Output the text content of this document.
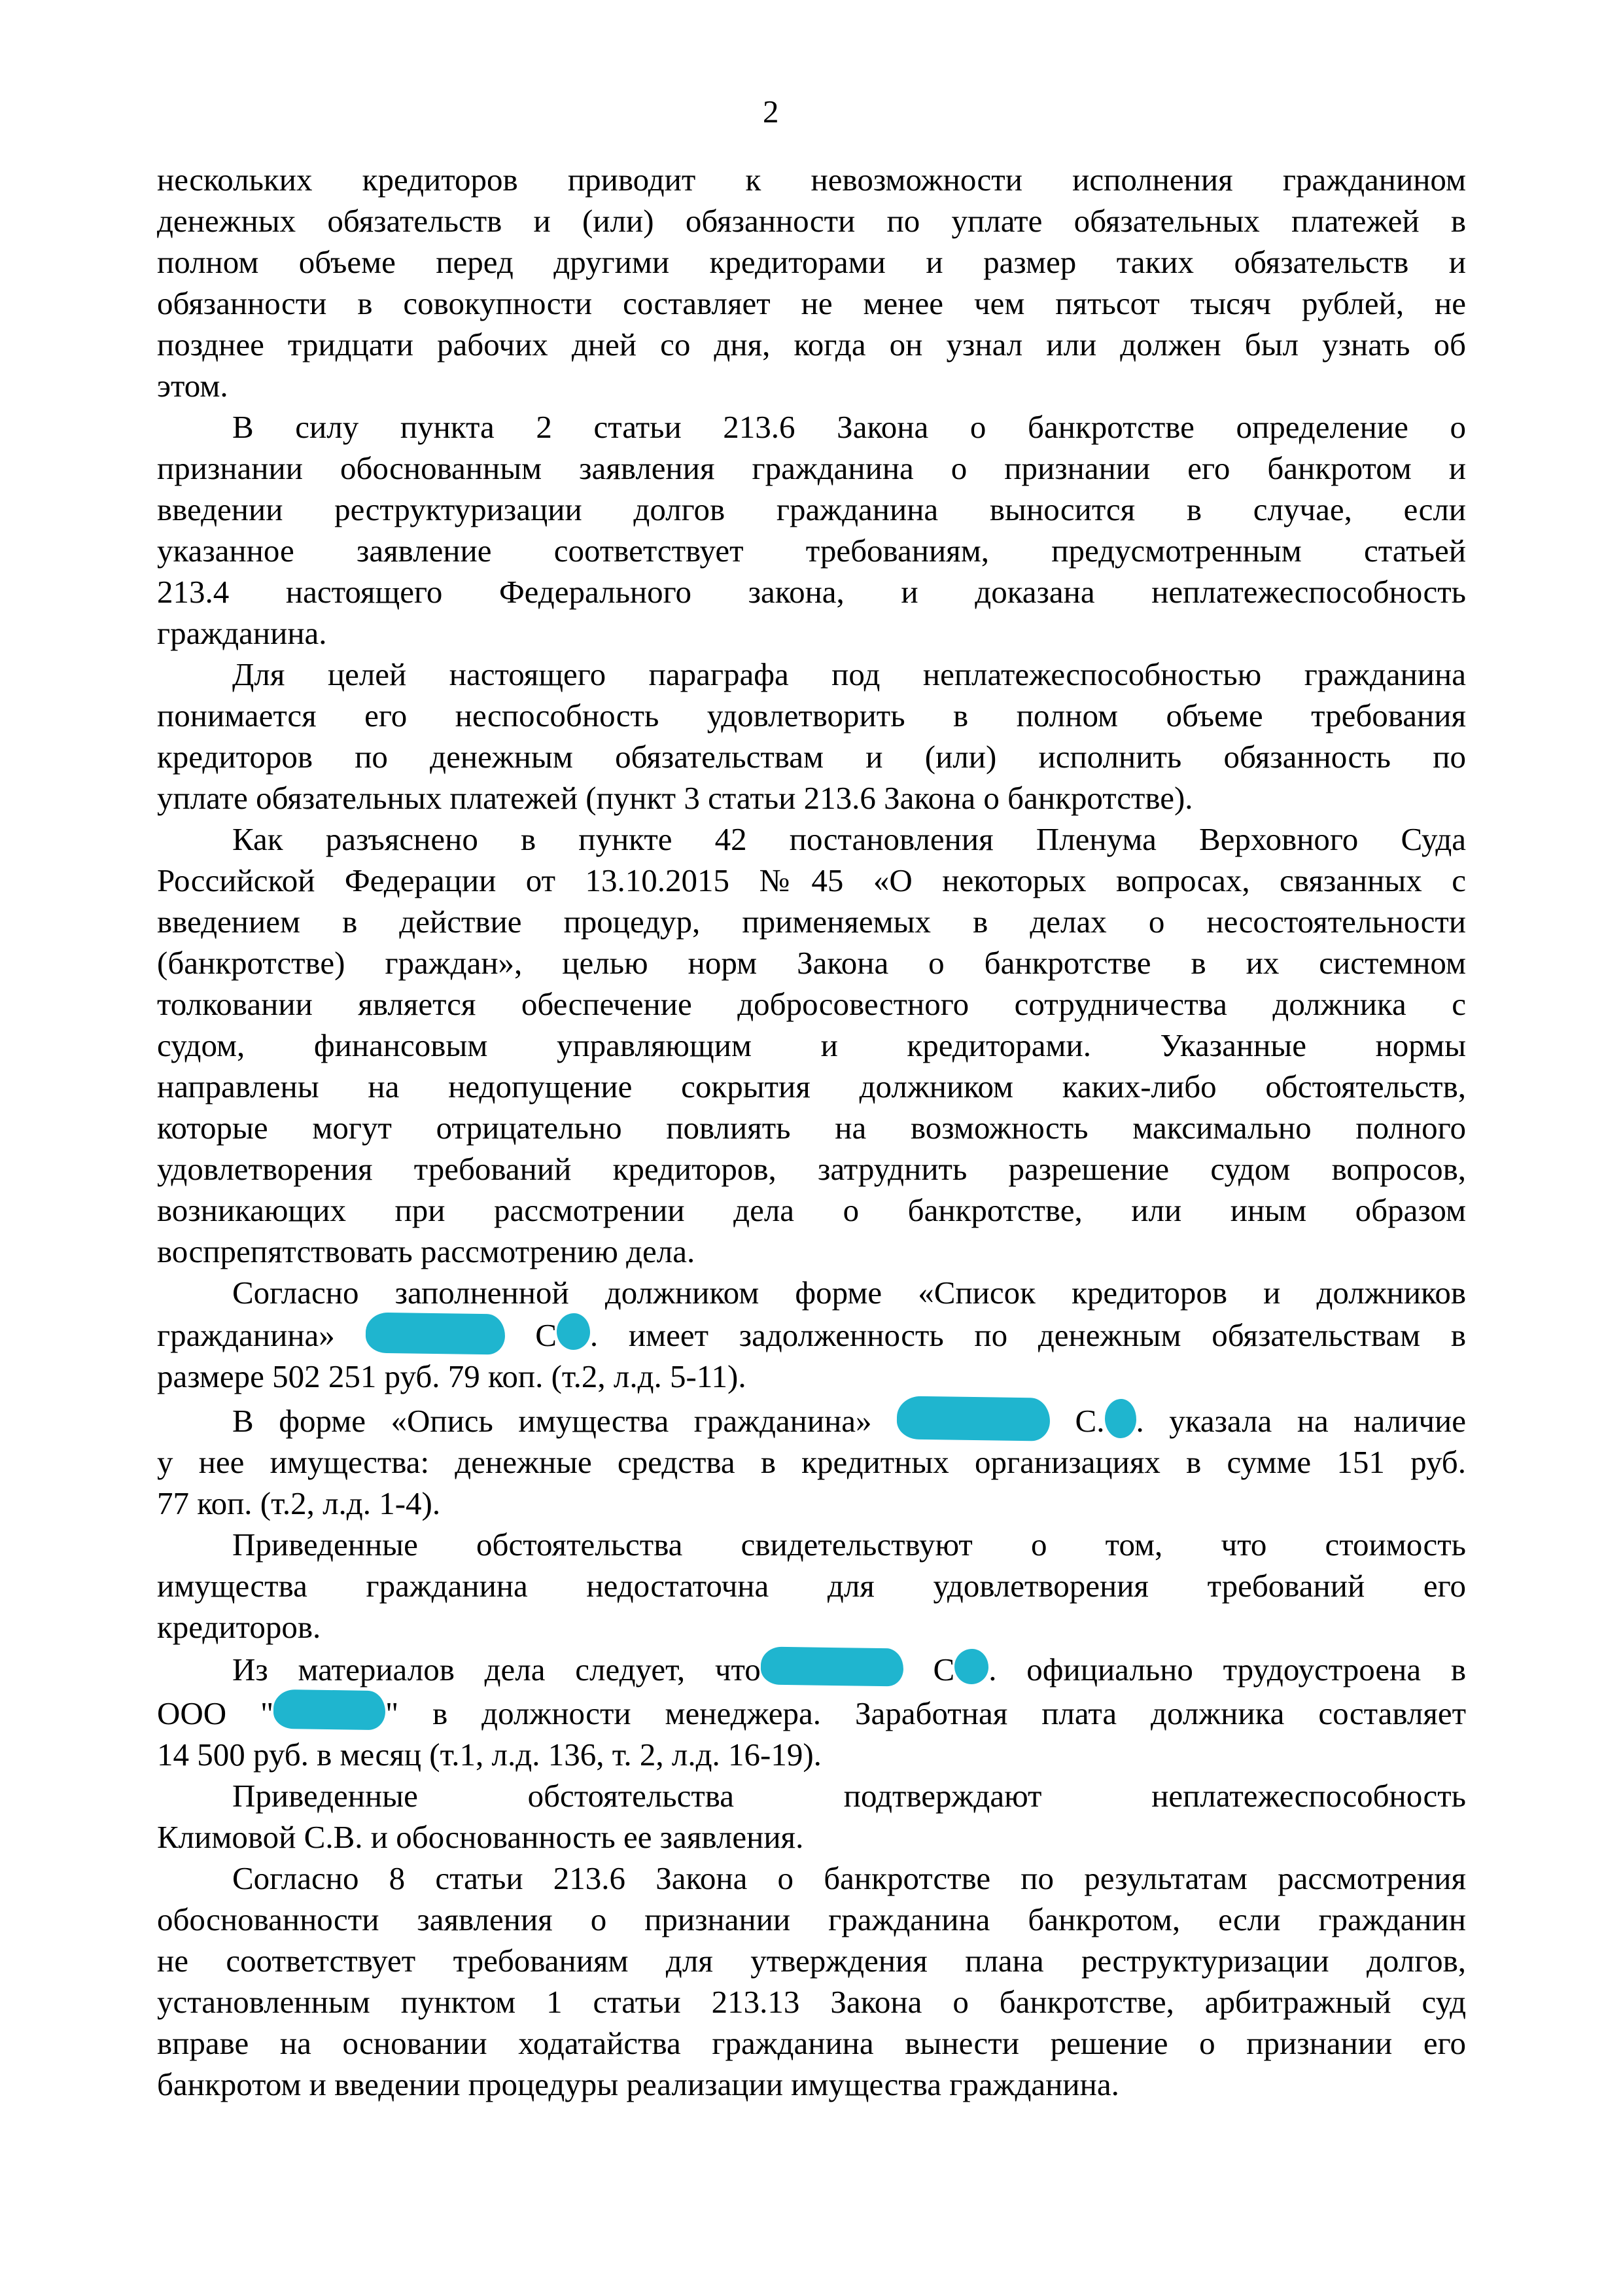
2
нескольких кредиторов приводит к невозможности исполнения гражданином
денежных обязательств и (или) обязанности по уплате обязательных платежей в
полном объеме перед другими кредиторами и размер таких обязательств и
обязанности в совокупности составляет не менее чем пятьсот тысяч рублей, не
позднее тридцати рабочих дней со дня, когда он узнал или должен был узнать об
этом.
В силу пункта 2 статьи 213.6 Закона о банкротстве определение о
признании обоснованным заявления гражданина о признании его банкротом и
введении реструктуризации долгов гражданина выносится в случае, если
указанное заявление соответствует требованиям, предусмотренным статьей
213.4 настоящего Федерального закона, и доказана неплатежеспособность
гражданина.
Для целей настоящего параграфа под неплатежеспособностью гражданина
понимается его неспособность удовлетворить в полном объеме требования
кредиторов по денежным обязательствам и (или) исполнить обязанность по
уплате обязательных платежей (пункт 3 статьи 213.6 Закона о банкротстве).
Как разъяснено в пункте 42 постановления Пленума Верховного Суда
Российской Федерации от 13.10.2015 №45 «О некоторых вопросах, связанных с
введением в действие процедур, применяемых в делах о несостоятельности
(банкротстве) граждан», целью норм Закона о банкротстве в их системном
толковании является обеспечение добросовестного сотрудничества должника с
судом, финансовым управляющим и кредиторами. Указанные нормы
направлены на недопущение сокрытия должником каких-либо обстоятельств,
которые могут отрицательно повлиять на возможность максимально полного
удовлетворения требований кредиторов, затруднить разрешение судом вопросов,
возникающих при рассмотрении дела о банкротстве, или иным образом
воспрепятствовать рассмотрению дела.
Согласно заполненной должником форме «Список кредиторов и должников
гражданина»	С . имеет задолженность по денежным обязательствам в
размере 502 251 руб. 79 коп. (т.2, л.д. 5-11).
В форме «Опись имущества гражданина»	С. . указала на наличие
у нее имущества: денежные средства в кредитных организациях в сумме 151 руб.
77 коп. (т.2, л.д. 1-4).
Приведенные обстоятельства свидетельствуют о том, что стоимость
имущества гражданина недостаточна для удовлетворения требований его
кредиторов.
Из материалов дела следует, что	С . официально трудоустроена в
ООО "	" в должности менеджера. Заработная плата должника составляет
14 500 руб. в месяц (т.1, л.д. 136, т. 2, л.д. 16-19).
Приведенные обстоятельства подтверждают неплатежеспособность
Климовой С.В. и обоснованность ее заявления.
Согласно 8 статьи 213.6 Закона о банкротстве по результатам рассмотрения
обоснованности заявления о признании гражданина банкротом, если гражданин
не соответствует требованиям для утверждения плана реструктуризации долгов,
установленным пунктом 1 статьи 213.13 Закона о банкротстве, арбитражный суд
вправе на основании ходатайства гражданина вынести решение о признании его
банкротом и введении процедуры реализации имущества гражданина.
